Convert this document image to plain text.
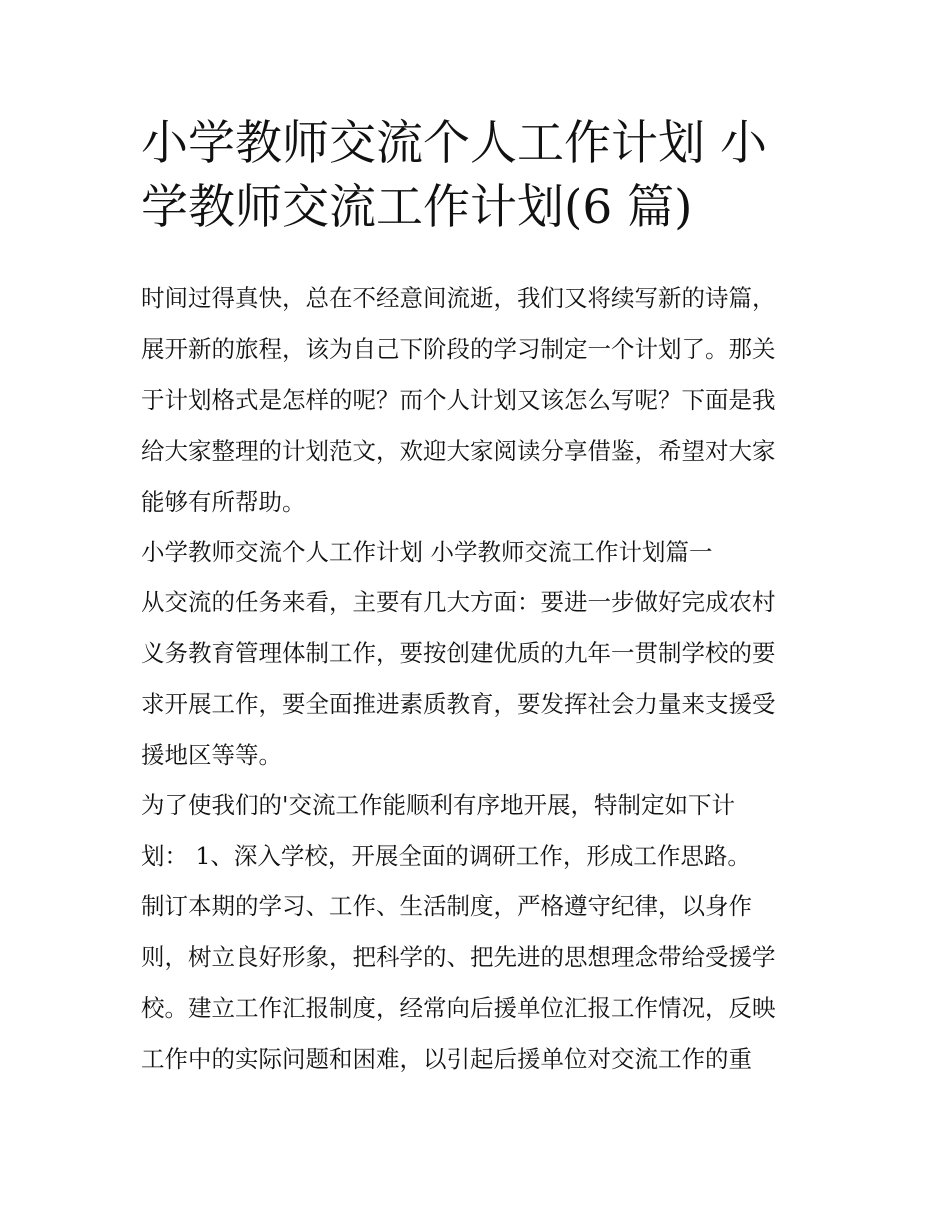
小学教师交流个人工作计划 小
学教师交流工作计划(6 篇)
时间过得真快，总在不经意间流逝，我们又将续写新的诗篇，
展开新的旅程，该为自己下阶段的学习制定一个计划了。那关
于计划格式是怎样的呢？而个人计划又该怎么写呢？下面是我
给大家整理的计划范文，欢迎大家阅读分享借鉴，希望对大家
能够有所帮助。
小学教师交流个人工作计划 小学教师交流工作计划篇一
从交流的任务来看，主要有几大方面：要进一步做好完成农村
义务教育管理体制工作，要按创建优质的九年一贯制学校的要
求开展工作，要全面推进素质教育，要发挥社会力量来支援受
援地区等等。
为了使我们的'交流工作能顺利有序地开展，特制定如下计
划： 1、深入学校，开展全面的调研工作，形成工作思路。
制订本期的学习、工作、生活制度，严格遵守纪律，以身作
则，树立良好形象，把科学的、把先进的思想理念带给受援学
校。建立工作汇报制度，经常向后援单位汇报工作情况，反映
工作中的实际问题和困难，以引起后援单位对交流工作的重
